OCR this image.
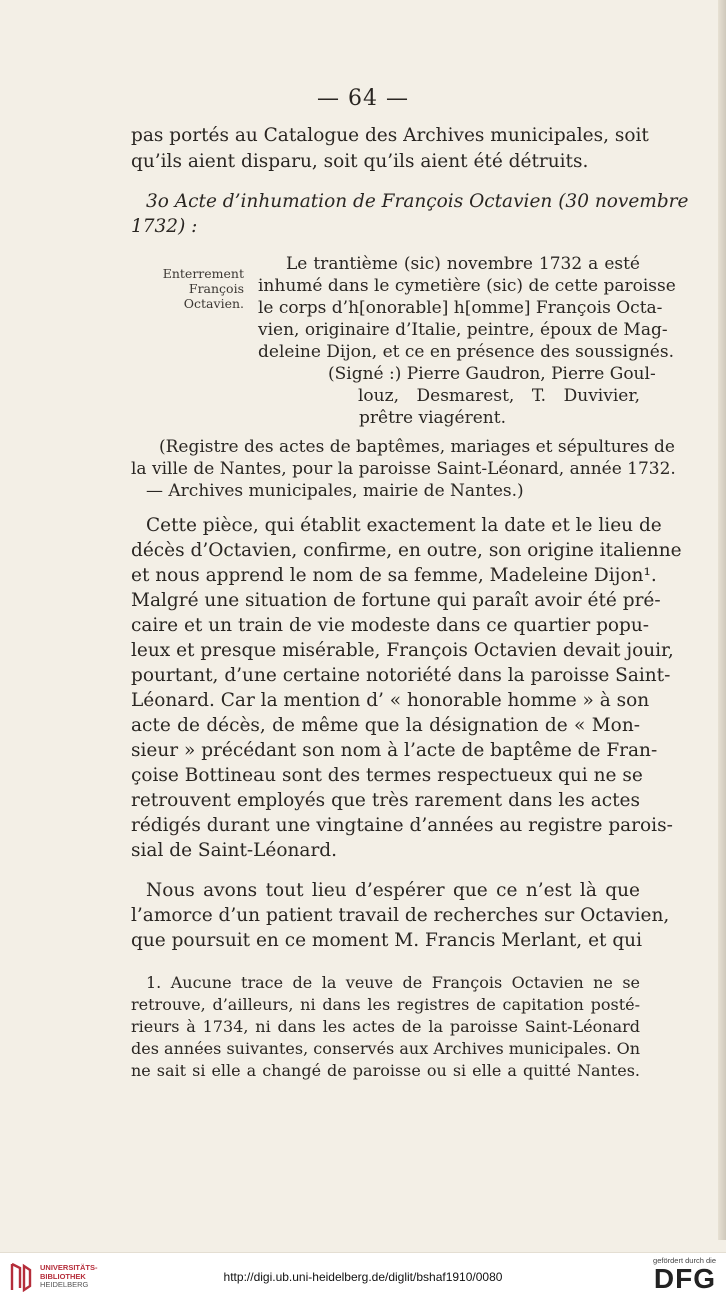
— 64 —
pas portés au Catalogue des Archives municipales, soit
qu’ils aient disparu, soit qu’ils aient été détruits.
3o Acte d’inhumation de François Octavien (30 novembre
1732) :
Enterrement
François
Octavien.
Le trantième (sic) novembre 1732 a esté
inhumé dans le cymetière (sic) de cette paroisse
le corps d’h[onorable] h[omme] François Octa-
vien, originaire d’Italie, peintre, époux de Mag-
deleine Dijon, et ce en présence des soussignés.
(Signé :) Pierre Gaudron, Pierre Goul-
louz, Desmarest, T. Duvivier,
prêtre viagérent.
(Registre des actes de baptêmes, mariages et sépultures de
la ville de Nantes, pour la paroisse Saint-Léonard, année 1732.
— Archives municipales, mairie de Nantes.)
Cette pièce, qui établit exactement la date et le lieu de
décès d’Octavien, confirme, en outre, son origine italienne
et nous apprend le nom de sa femme, Madeleine Dijon¹.
Malgré une situation de fortune qui paraît avoir été pré-
caire et un train de vie modeste dans ce quartier popu-
leux et presque misérable, François Octavien devait jouir,
pourtant, d’une certaine notoriété dans la paroisse Saint-
Léonard. Car la mention d’ « honorable homme » à son
acte de décès, de même que la désignation de « Mon-
sieur » précédant son nom à l’acte de baptême de Fran-
çoise Bottineau sont des termes respectueux qui ne se
retrouvent employés que très rarement dans les actes
rédigés durant une vingtaine d’années au registre parois-
sial de Saint-Léonard.
Nous avons tout lieu d’espérer que ce n’est là que
l’amorce d’un patient travail de recherches sur Octavien,
que poursuit en ce moment M. Francis Merlant, et qui
1. Aucune trace de la veuve de François Octavien ne se
retrouve, d’ailleurs, ni dans les registres de capitation posté-
rieurs à 1734, ni dans les actes de la paroisse Saint-Léonard
des années suivantes, conservés aux Archives municipales. On
ne sait si elle a changé de paroisse ou si elle a quitté Nantes.
UNIVERSITÄTS-
BIBLIOTHEK
HEIDELBERG
http://digi.ub.uni-heidelberg.de/diglit/bshaf1910/0080
gefördert durch die
DFG
